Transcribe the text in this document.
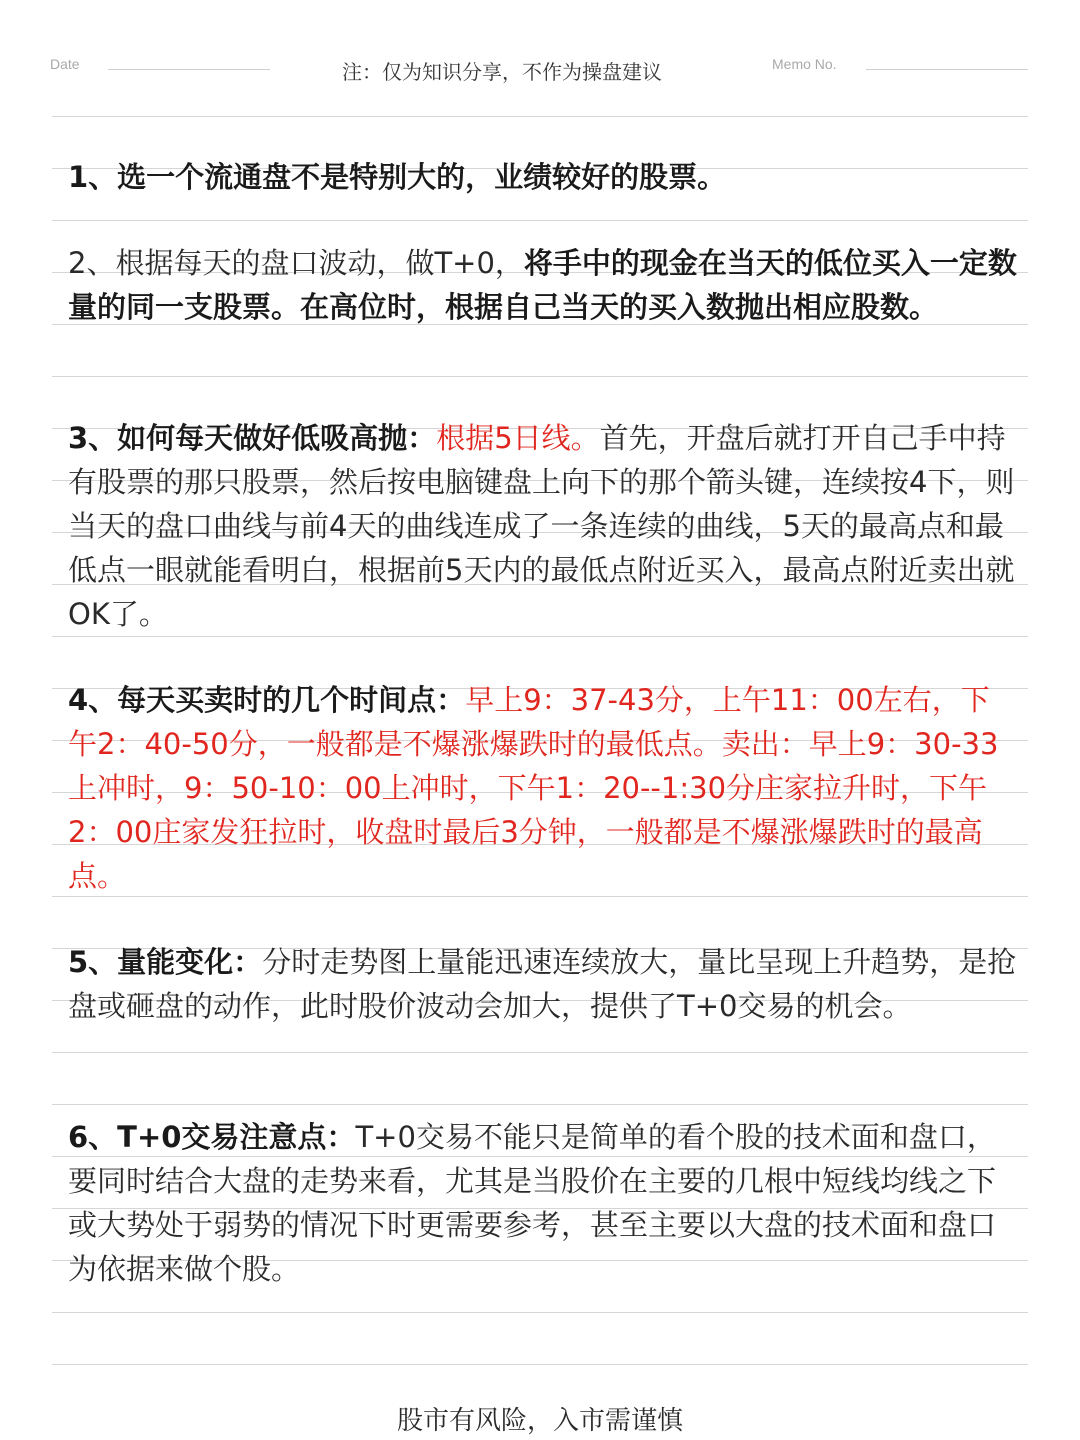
Date	注：仅为知识分享，不作为操盘建议	Memo No.
1、选一个流通盘不是特别大的，业绩较好的股票。
2、根据每天的盘口波动，做T+0，将手中的现金在当天的低位买入一定数量的同一支股票。在高位时，根据自己当天的买入数抛出相应股数。
3、如何每天做好低吸高抛：根据5日线。首先，开盘后就打开自己手中持有股票的那只股票，然后按电脑键盘上向下的那个箭头键，连续按4下，则当天的盘口曲线与前4天的曲线连成了一条连续的曲线，5天的最高点和最低点一眼就能看明白，根据前5天内的最低点附近买入，最高点附近卖出就OK了。
4、每天买卖时的几个时间点：早上9：37-43分，上午11：00左右，下午2：40-50分，一般都是不爆涨爆跌时的最低点。卖出：早上9：30-33上冲时，9：50-10：00上冲时，下午1：20--1:30分庄家拉升时，下午2：00庄家发狂拉时，收盘时最后3分钟，一般都是不爆涨爆跌时的最高点。
5、量能变化：分时走势图上量能迅速连续放大，量比呈现上升趋势，是抢盘或砸盘的动作，此时股价波动会加大，提供了T+0交易的机会。
6、T+0交易注意点：T+0交易不能只是简单的看个股的技术面和盘口，要同时结合大盘的走势来看，尤其是当股价在主要的几根中短线均线之下或大势处于弱势的情况下时更需要参考，甚至主要以大盘的技术面和盘口为依据来做个股。
股市有风险，入市需谨慎
